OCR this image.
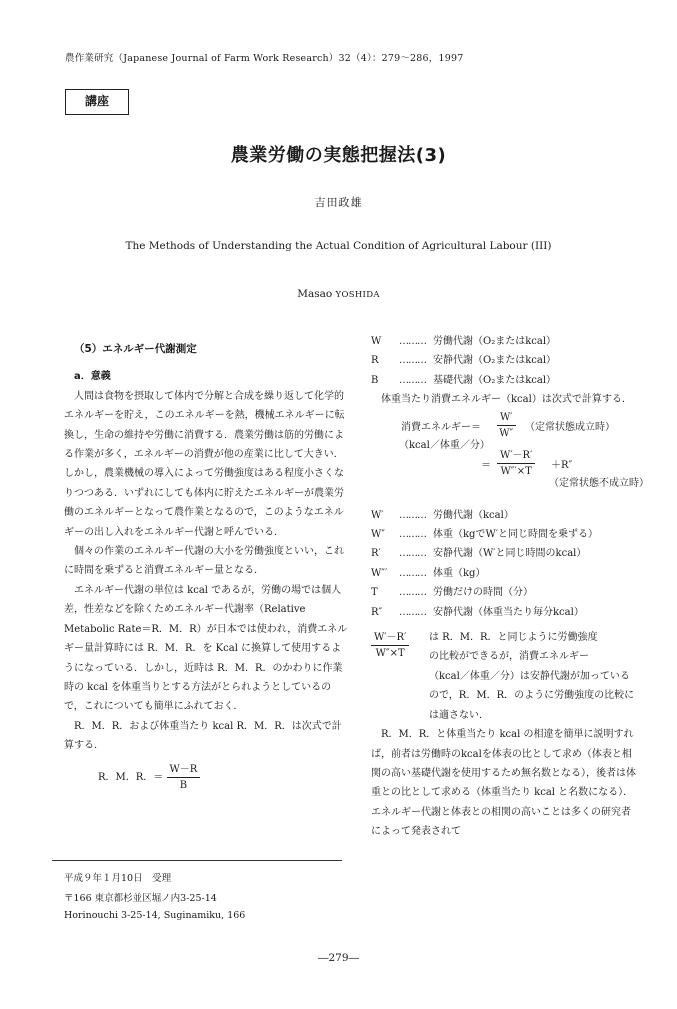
農作業研究（Japanese Journal of Farm Work Research）32（4）：279～286，1997
講座
農業労働の実態把握法(3)
吉田政雄
The Methods of Understanding the Actual Condition of Agricultural Labour (III)
Masao YOSHIDA

（5）エネルギー代謝測定

a．意義

人間は食物を摂取して体内で分解と合成を繰り返して化学的エネルギーを貯え，このエネルギーを熱，機械エネルギーに転換し，生命の維持や労働に消費する．農業労働は筋的労働による作業が多く，エネルギーの消費が他の産業に比して大きい．しかし，農業機械の導入によって労働強度はある程度小さくなりつつある．いずれにしても体内に貯えたエネルギーが農業労働のエネルギーとなって農作業となるので，このようなエネルギーの出し入れをエネルギー代謝と呼んでいる．

個々の作業のエネルギー代謝の大小を労働強度といい，これに時間を乗ずると消費エネルギー量となる．

エネルギー代謝の単位は kcal であるが，労働の場では個人差，性差などを除くためエネルギー代謝率（Relative Metabolic Rate＝R．M．R）が日本では使われ，消費エネルギー量計算時には R．M．R．を Kcal に換算して使用するようになっている．しかし，近時は R．M．R．のかわりに作業時の kcal を体重当りとする方法がとられようとしているので，これについても簡単にふれておく．

R．M．R．および体重当たり kcal R．M．R．は次式で計算する．

R．M．R．＝ $\frac{W-R}{B}$
W	……… 労働代謝（O₂またはkcal）
R	……… 安静代謝（O₂またはkcal）
B	……… 基礎代謝（O₂またはkcal）

体重当たり消費エネルギー（kcal）は次式で計算する．

消費エネルギー＝ $\frac{W'}{W''}$ （定常状態成立時）
（kcal／体重／分）
＝ $\frac{W'-R'}{W'''\times T} +R''$
（定常状態不成立時）
W′	……… 労働代謝（kcal）
W″	……… 体重（kgでW′と同じ時間を乗ずる）
R′	……… 安静代謝（W′と同じ時間のkcal）
W″′	……… 体重（kg）
T	……… 労働だけの時間（分）
R″	……… 安静代謝（体重当たり毎分kcal）
$\frac{W'-R'}{W''\times T}$ は R．M．R．と同じように労働強度
の比較ができるが，消費エネルギー

（kcal／体重／分）は安静代謝が加っているので，R．M．R．のように労働強度の比較には適さない．

R．M．R．と体重当たり kcal の相違を簡単に説明すれば，前者は労働時のkcalを体表の比として求め（体表と相関の高い基礎代謝を使用するため無名数となる），後者は体重との比として求める（体重当たり kcal と名数になる）．エネルギー代謝と体表との相関の高いことは多くの研究者によって発表されて

平成９年１月10日　受理
〒166 東京都杉並区堀ノ内3-25-14
Horinouchi 3-25-14, Suginamiku, 166
―279―
